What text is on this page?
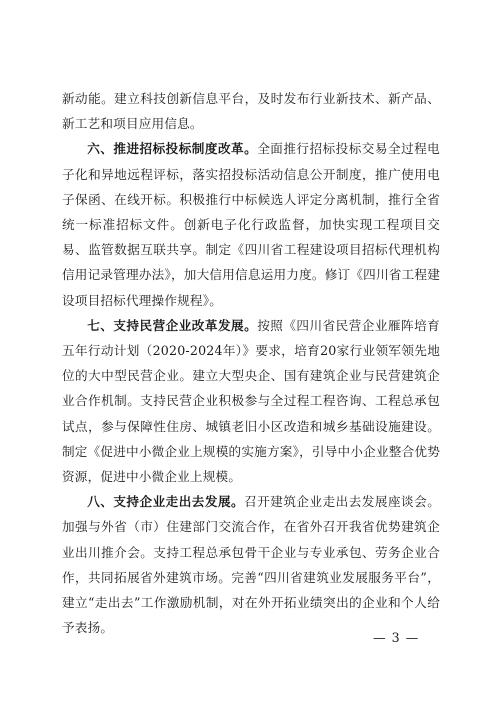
新动能。建立科技创新信息平台，及时发布行业新技术、新产品、新工艺和项目应用信息。

六、推进招标投标制度改革。全面推行招标投标交易全过程电子化和异地远程评标，落实招投标活动信息公开制度，推广使用电子保函、在线开标。积极推行中标候选人评定分离机制，推行全省统一标准招标文件。创新电子化行政监督，加快实现工程项目交易、监管数据互联共享。制定《四川省工程建设项目招标代理机构信用记录管理办法》，加大信用信息运用力度。修订《四川省工程建设项目招标代理操作规程》。

七、支持民营企业改革发展。按照《四川省民营企业雁阵培育五年行动计划（2020-2024年）》要求，培育20家行业领军领先地位的大中型民营企业。建立大型央企、国有建筑企业与民营建筑企业合作机制。支持民营企业积极参与全过程工程咨询、工程总承包试点，参与保障性住房、城镇老旧小区改造和城乡基础设施建设。制定《促进中小微企业上规模的实施方案》，引导中小企业整合优势资源，促进中小微企业上规模。

八、支持企业走出去发展。召开建筑企业走出去发展座谈会。加强与外省（市）住建部门交流合作，在省外召开我省优势建筑企业出川推介会。支持工程总承包骨干企业与专业承包、劳务企业合作，共同拓展省外建筑市场。完善“四川省建筑业发展服务平台”，建立“走出去”工作激励机制，对在外开拓业绩突出的企业和个人给予表扬。

— 3 —
